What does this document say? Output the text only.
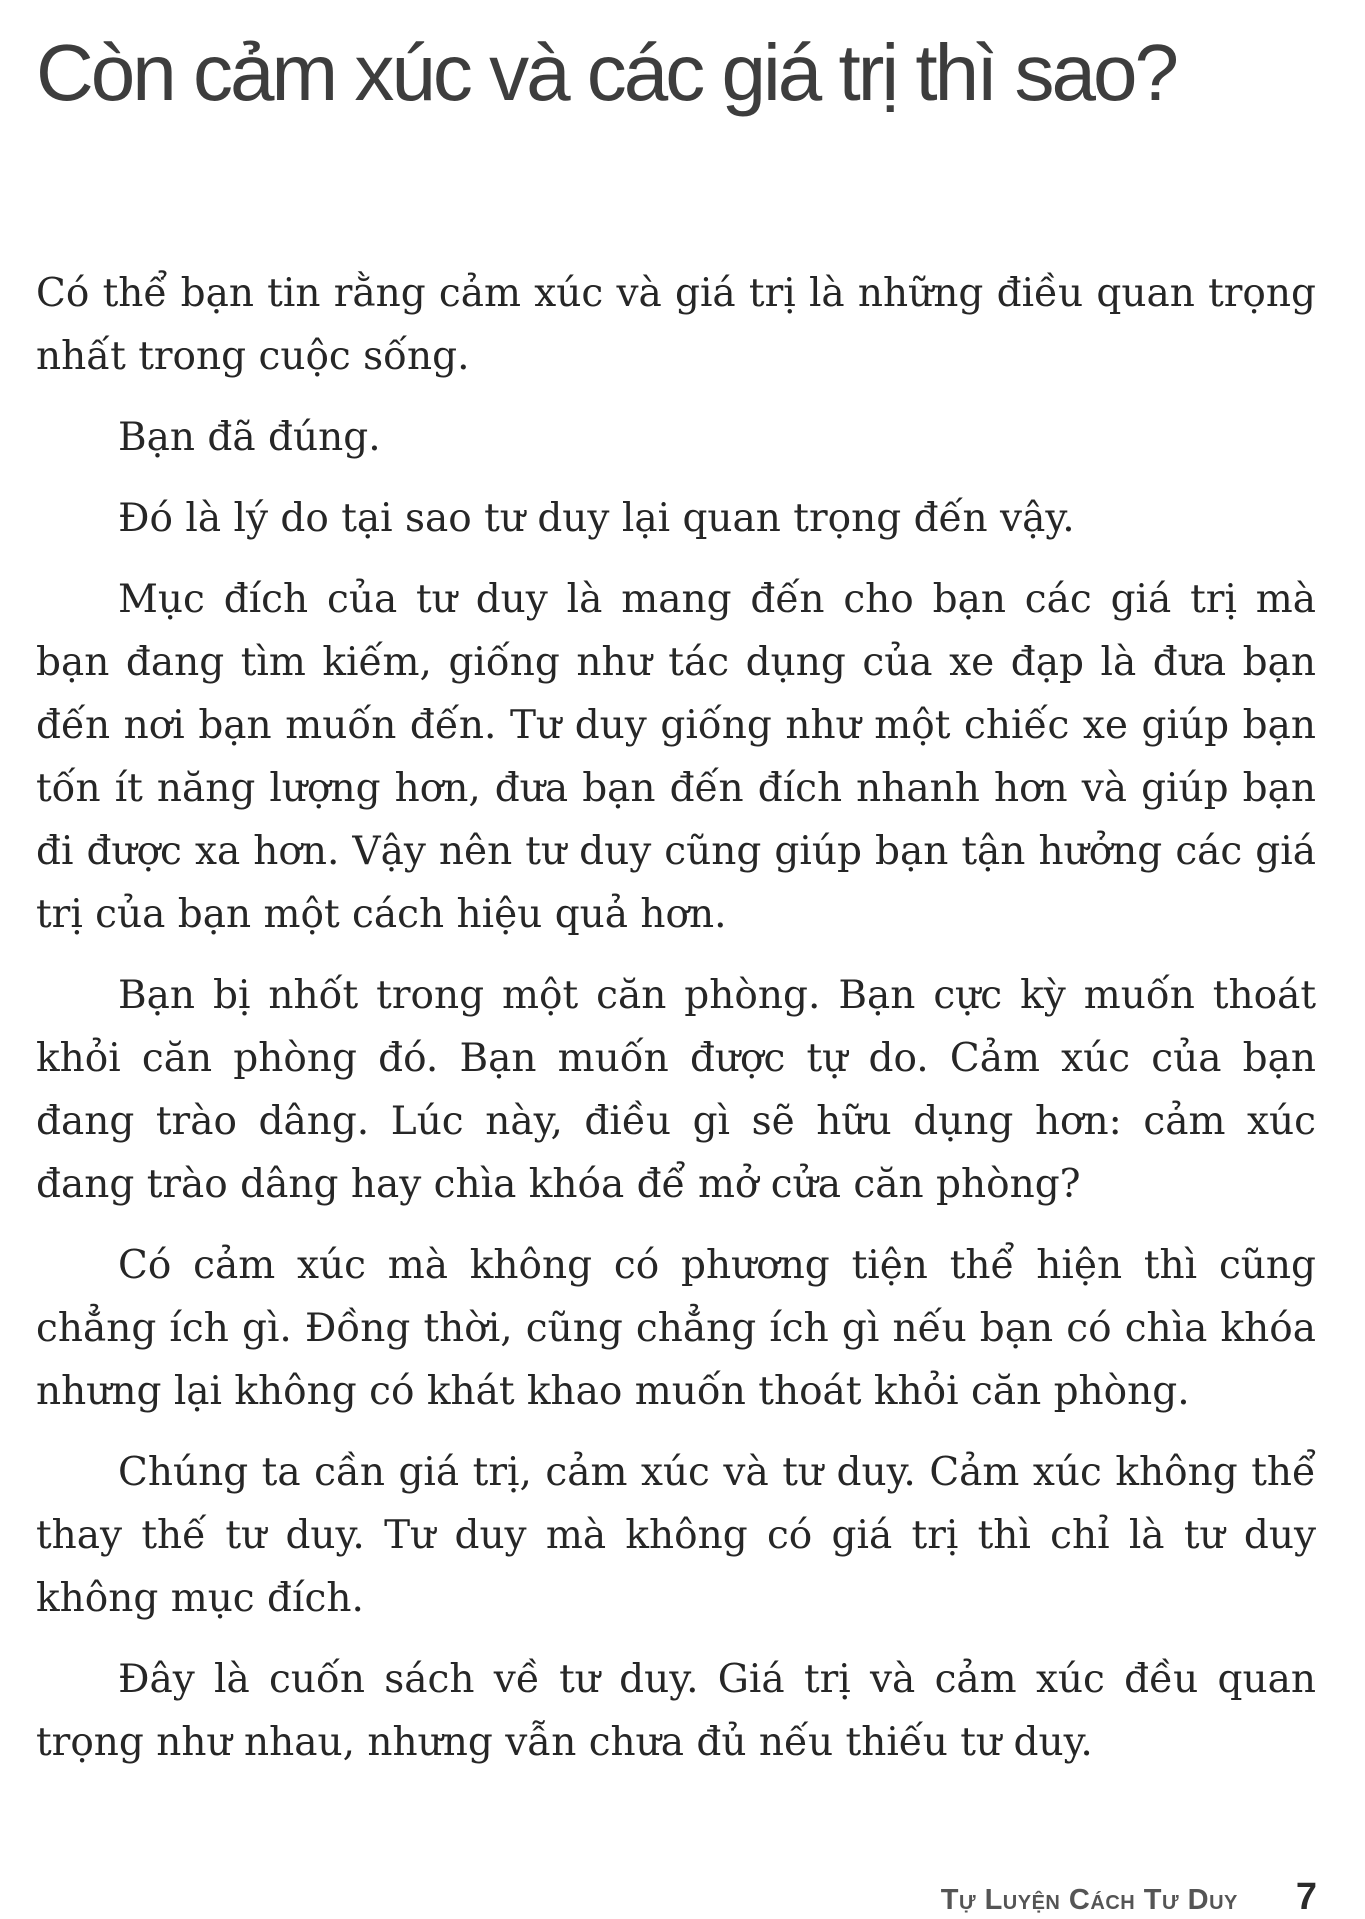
Còn cảm xúc và các giá trị thì sao?

Có thể bạn tin rằng cảm xúc và giá trị là những điều quan trọng nhất trong cuộc sống.

Bạn đã đúng.

Đó là lý do tại sao tư duy lại quan trọng đến vậy.

Mục đích của tư duy là mang đến cho bạn các giá trị mà bạn đang tìm kiếm, giống như tác dụng của xe đạp là đưa bạn đến nơi bạn muốn đến. Tư duy giống như một chiếc xe giúp bạn tốn ít năng lượng hơn, đưa bạn đến đích nhanh hơn và giúp bạn đi được xa hơn. Vậy nên tư duy cũng giúp bạn tận hưởng các giá trị của bạn một cách hiệu quả hơn.

Bạn bị nhốt trong một căn phòng. Bạn cực kỳ muốn thoát khỏi căn phòng đó. Bạn muốn được tự do. Cảm xúc của bạn đang trào dâng. Lúc này, điều gì sẽ hữu dụng hơn: cảm xúc đang trào dâng hay chìa khóa để mở cửa căn phòng?

Có cảm xúc mà không có phương tiện thể hiện thì cũng chẳng ích gì. Đồng thời, cũng chẳng ích gì nếu bạn có chìa khóa nhưng lại không có khát khao muốn thoát khỏi căn phòng.

Chúng ta cần giá trị, cảm xúc và tư duy. Cảm xúc không thể thay thế tư duy. Tư duy mà không có giá trị thì chỉ là tư duy không mục đích.

Đây là cuốn sách về tư duy. Giá trị và cảm xúc đều quan trọng như nhau, nhưng vẫn chưa đủ nếu thiếu tư duy.

Tự Luyện Cách Tư Duy 7
